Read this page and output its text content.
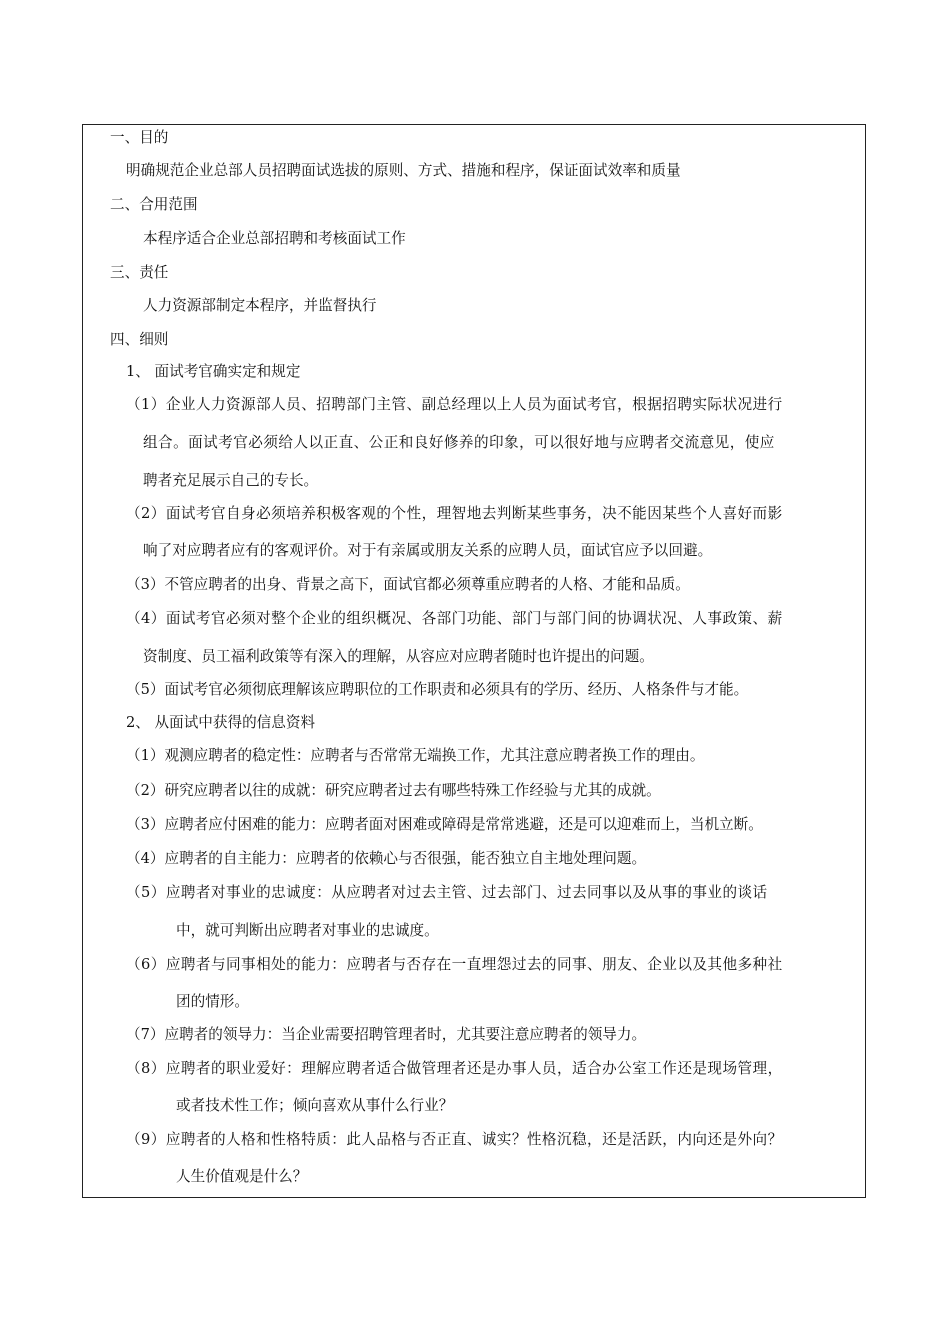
一、目的
明确规范企业总部人员招聘面试选拔的原则、方式、措施和程序，保证面试效率和质量
二、合用范围
本程序适合企业总部招聘和考核面试工作
三、责任
人力资源部制定本程序，并监督执行
四、细则
1、 面试考官确实定和规定
（1）企业人力资源部人员、招聘部门主管、副总经理以上人员为面试考官，根据招聘实际状况进行
组合。面试考官必须给人以正直、公正和良好修养的印象，可以很好地与应聘者交流意见，使应
聘者充足展示自己的专长。
（2）面试考官自身必须培养积极客观的个性，理智地去判断某些事务，决不能因某些个人喜好而影
响了对应聘者应有的客观评价。对于有亲属或朋友关系的应聘人员，面试官应予以回避。
（3）不管应聘者的出身、背景之高下，面试官都必须尊重应聘者的人格、才能和品质。
（4）面试考官必须对整个企业的组织概况、各部门功能、部门与部门间的协调状况、人事政策、薪
资制度、员工福利政策等有深入的理解，从容应对应聘者随时也许提出的问题。
（5）面试考官必须彻底理解该应聘职位的工作职责和必须具有的学历、经历、人格条件与才能。
2、 从面试中获得的信息资料
（1）观测应聘者的稳定性：应聘者与否常常无端换工作，尤其注意应聘者换工作的理由。
（2）研究应聘者以往的成就：研究应聘者过去有哪些特殊工作经验与尤其的成就。
（3）应聘者应付困难的能力：应聘者面对困难或障碍是常常逃避，还是可以迎难而上，当机立断。
（4）应聘者的自主能力：应聘者的依赖心与否很强，能否独立自主地处理问题。
（5）应聘者对事业的忠诚度：从应聘者对过去主管、过去部门、过去同事以及从事的事业的谈话
中，就可判断出应聘者对事业的忠诚度。
（6）应聘者与同事相处的能力：应聘者与否存在一直埋怨过去的同事、朋友、企业以及其他多种社
团的情形。
（7）应聘者的领导力：当企业需要招聘管理者时，尤其要注意应聘者的领导力。
（8）应聘者的职业爱好：理解应聘者适合做管理者还是办事人员，适合办公室工作还是现场管理，
或者技术性工作；倾向喜欢从事什么行业？
（9）应聘者的人格和性格特质：此人品格与否正直、诚实？性格沉稳，还是活跃，内向还是外向？
人生价值观是什么？
